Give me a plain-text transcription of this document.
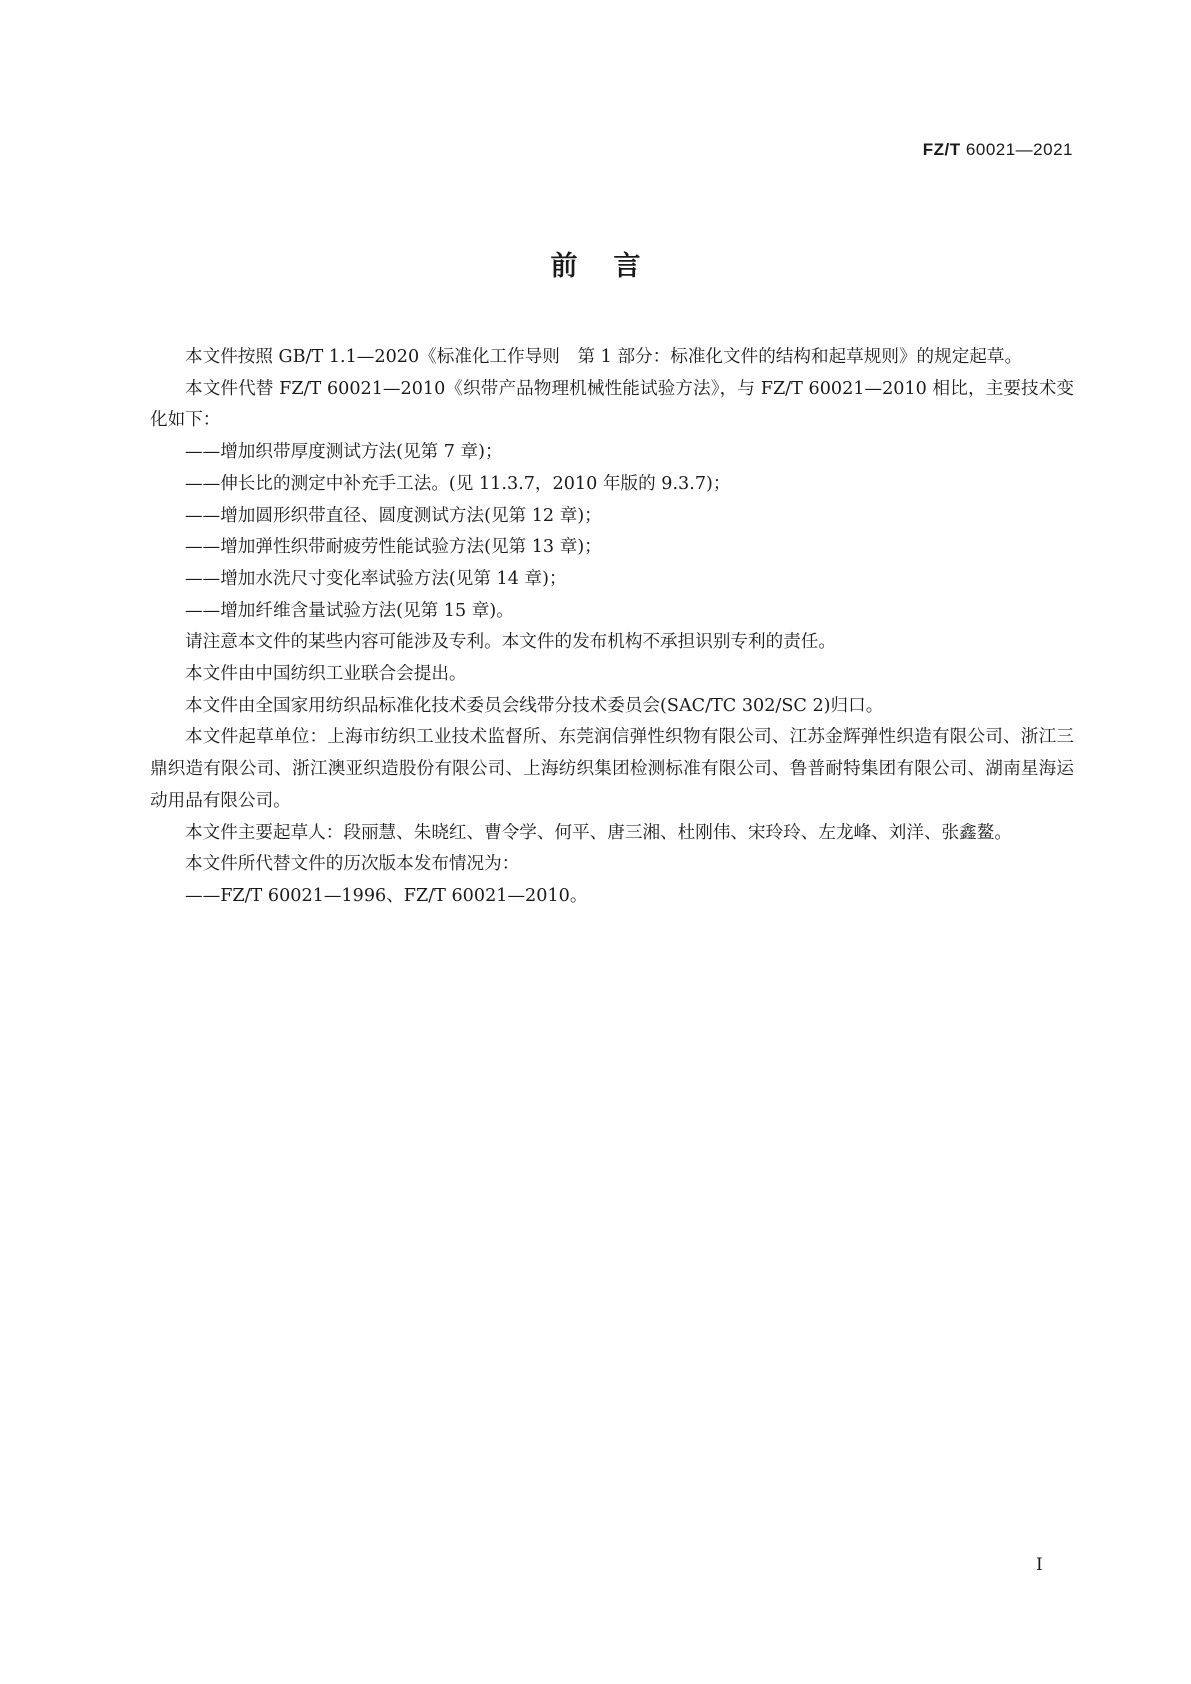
FZ/T 60021—2021
前言

本文件按照 GB/T 1.1—2020《标准化工作导则　第 1 部分：标准化文件的结构和起草规则》的规定起草。

本文件代替 FZ/T 60021—2010《织带产品物理机械性能试验方法》，与 FZ/T 60021—2010 相比，主要技术变化如下：

——增加织带厚度测试方法(见第 7 章)；

——伸长比的测定中补充手工法。(见 11.3.7，2010 年版的 9.3.7)；

——增加圆形织带直径、圆度测试方法(见第 12 章)；

——增加弹性织带耐疲劳性能试验方法(见第 13 章)；

——增加水洗尺寸变化率试验方法(见第 14 章)；

——增加纤维含量试验方法(见第 15 章)。

请注意本文件的某些内容可能涉及专利。本文件的发布机构不承担识别专利的责任。

本文件由中国纺织工业联合会提出。

本文件由全国家用纺织品标准化技术委员会线带分技术委员会(SAC/TC 302/SC 2)归口。

本文件起草单位：上海市纺织工业技术监督所、东莞润信弹性织物有限公司、江苏金辉弹性织造有限公司、浙江三鼎织造有限公司、浙江澳亚织造股份有限公司、上海纺织集团检测标准有限公司、鲁普耐特集团有限公司、湖南星海运动用品有限公司。

本文件主要起草人：段丽慧、朱晓红、曹令学、何平、唐三湘、杜刚伟、宋玲玲、左龙峰、刘洋、张鑫鳌。

本文件所代替文件的历次版本发布情况为：

——FZ/T 60021—1996、FZ/T 60021—2010。

I
